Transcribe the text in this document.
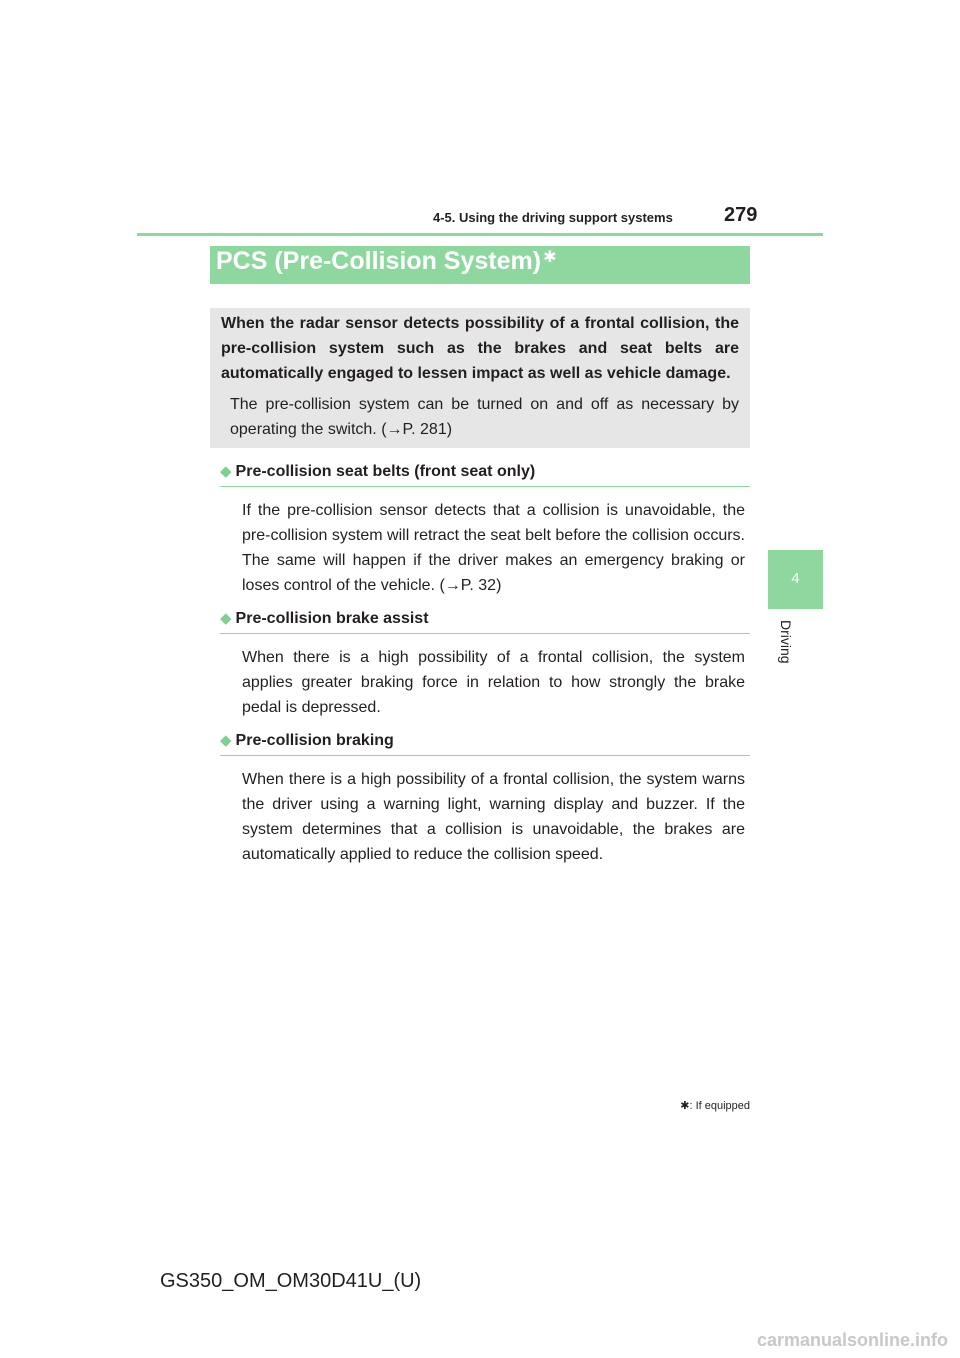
4-5. Using the driving support systems	279
4
Driving
PCS (Pre-Collision System) ✱
When the radar sensor detects possibility of a frontal collision, the pre-collision system such as the brakes and seat belts are automatically engaged to lessen impact as well as vehicle damage.
The pre-collision system can be turned on and off as necessary by operating the switch. (→P. 281)
◆ Pre-collision seat belts (front seat only)

If the pre-collision sensor detects that a collision is unavoidable, the pre-collision system will retract the seat belt before the collision occurs. The same will happen if the driver makes an emergency braking or loses control of the vehicle. (→P. 32)

◆ Pre-collision brake assist

When there is a high possibility of a frontal collision, the system applies greater braking force in relation to how strongly the brake pedal is depressed.

◆ Pre-collision braking

When there is a high possibility of a frontal collision, the system warns the driver using a warning light, warning display and buzzer. If the system determines that a collision is unavoidable, the brakes are automatically applied to reduce the collision speed.

✱: If equipped
GS350_OM_OM30D41U_(U)
carmanualsonline.info
